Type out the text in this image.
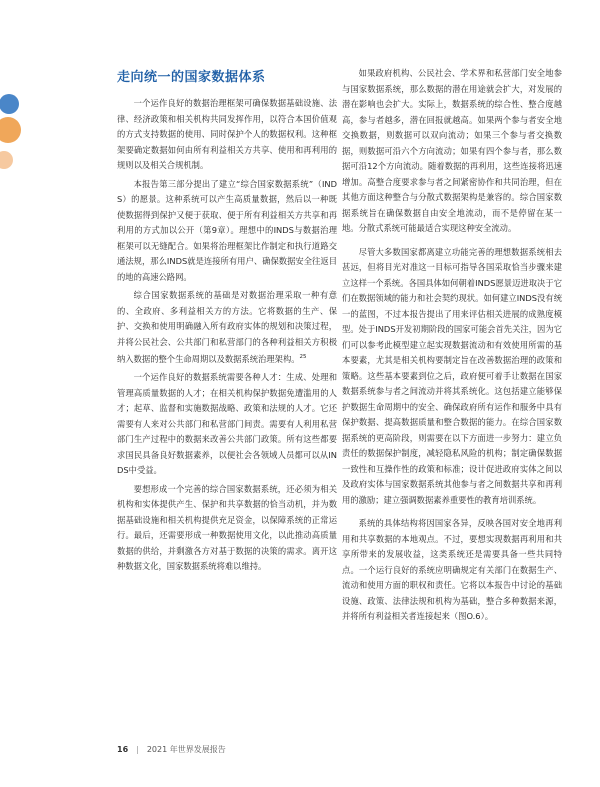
走向统一的国家数据体系

一个运作良好的数据治理框架可确保数据基础设施、法律、经济政策和相关机构共同发挥作用，以符合本国价值观的方式支持数据的使用、同时保护个人的数据权利。这种框架要确定数据如何由所有利益相关方共享、使用和再利用的规则以及相关合规机制。

本报告第三部分提出了建立“综合国家数据系统”（INDS）的愿景。这种系统可以产生高质量数据，然后以一种既使数据得到保护又便于获取、便于所有利益相关方共享和再利用的方式加以公开（第9章）。理想中的INDS与数据治理框架可以无缝配合。如果将治理框架比作制定和执行道路交通法规，那么INDS就是连接所有用户、确保数据安全往返目的地的高速公路网。

综合国家数据系统的基础是对数据治理采取一种有意的、全政府、多利益相关方的方法。它将数据的生产、保护、交换和使用明确融入所有政府实体的规划和决策过程，并将公民社会、公共部门和私营部门的各种利益相关方积极纳入数据的整个生命周期以及数据系统治理架构。$^{25}$

一个运作良好的数据系统需要各种人才：生成、处理和管理高质量数据的人才；在相关机构保护数据免遭滥用的人才；起草、监督和实施数据战略、政策和法规的人才。它还需要有人来对公共部门和私营部门间责。需要有人利用私营部门生产过程中的数据来改善公共部门政策。所有这些都要求国民具备良好数据素养，以便社会各领域人员都可以从INDS中受益。

要想形成一个完善的综合国家数据系统，还必须为相关机构和实体提供产生、保护和共享数据的恰当动机，并为数据基础设施和相关机构提供充足资金，以保障系统的正常运行。最后，还需要形成一种数据使用文化，以此推动高质量数据的供给，并剩激各方对基于数据的决策的需求。离开这种数据文化，国家数据系统将难以维持。

如果政府机构、公民社会、学术界和私营部门安全地参与国家数据系统，那么数据的潜在用途就会扩大，对发展的潜在影响也会扩大。实际上，数据系统的综合性、整合度越高，参与者越多，潜在回报就越高。如果两个参与者安全地交换数据，则数据可以双向流动；如果三个参与者交换数据，则数据可沿六个方向流动；如果有四个参与者，那么数据可沿12个方向流动。随着数据的再利用，这些连接将迅速增加。高整合度要求参与者之间紧密协作和共同治理，但在其他方面这种整合与分散式数据架构是兼容的。综合国家数据系统旨在确保数据自由安全地流动，而不是停留在某一地。分散式系统可能最适合实现这种安全流动。

尽管大多数国家都离建立功能完善的理想数据系统相去甚远，但将目光对准这一目标可指导各国采取恰当步骤来建立这样一个系统。各国具体如何朝着INDS愿景迈进取决于它们在数据领域的能力和社会契约现状。如何建立INDS没有统一的蓝图，不过本报告提出了用来评估相关进展的成熟度模型。处于INDS开发初期阶段的国家可能会首先关注，因为它们可以参考此模型建立起实现数据流动和有效使用所需的基本要素，尤其是相关机构要制定旨在改善数据治理的政策和策略。这些基本要素到位之后，政府便可着手让数据在国家数据系统参与者之间流动并将其系统化。这包括建立能够保护数据生命周期中的安全、确保政府所有运作和服务中具有保护数据、提高数据质量和整合数据的能力。在综合国家数据系统的更高阶段，则需要在以下方面进一步努力：建立负责任的数据保护制度，减轻隐私风险的机构；制定确保数据一致性和互操作性的政策和标准；设计促进政府实体之间以及政府实体与国家数据系统其他参与者之间数据共享和再利用的激励；建立强调数据素养重要性的教育培训系统。

系统的具体结构将因国家各异，反映各国对安全地再利用和共享数据的本地观点。不过，要想实现数据再利用和共享所带来的发展收益，这类系统还是需要具备一些共同特点。一个运行良好的系统应明确规定有关部门在数据生产、流动和使用方面的职权和责任。它将以本报告中讨论的基础设施、政策、法律法规和机构为基础，整合多种数据来源，并将所有利益相关者连接起来（图O.6）。

16 | 2021 年世界发展报告
